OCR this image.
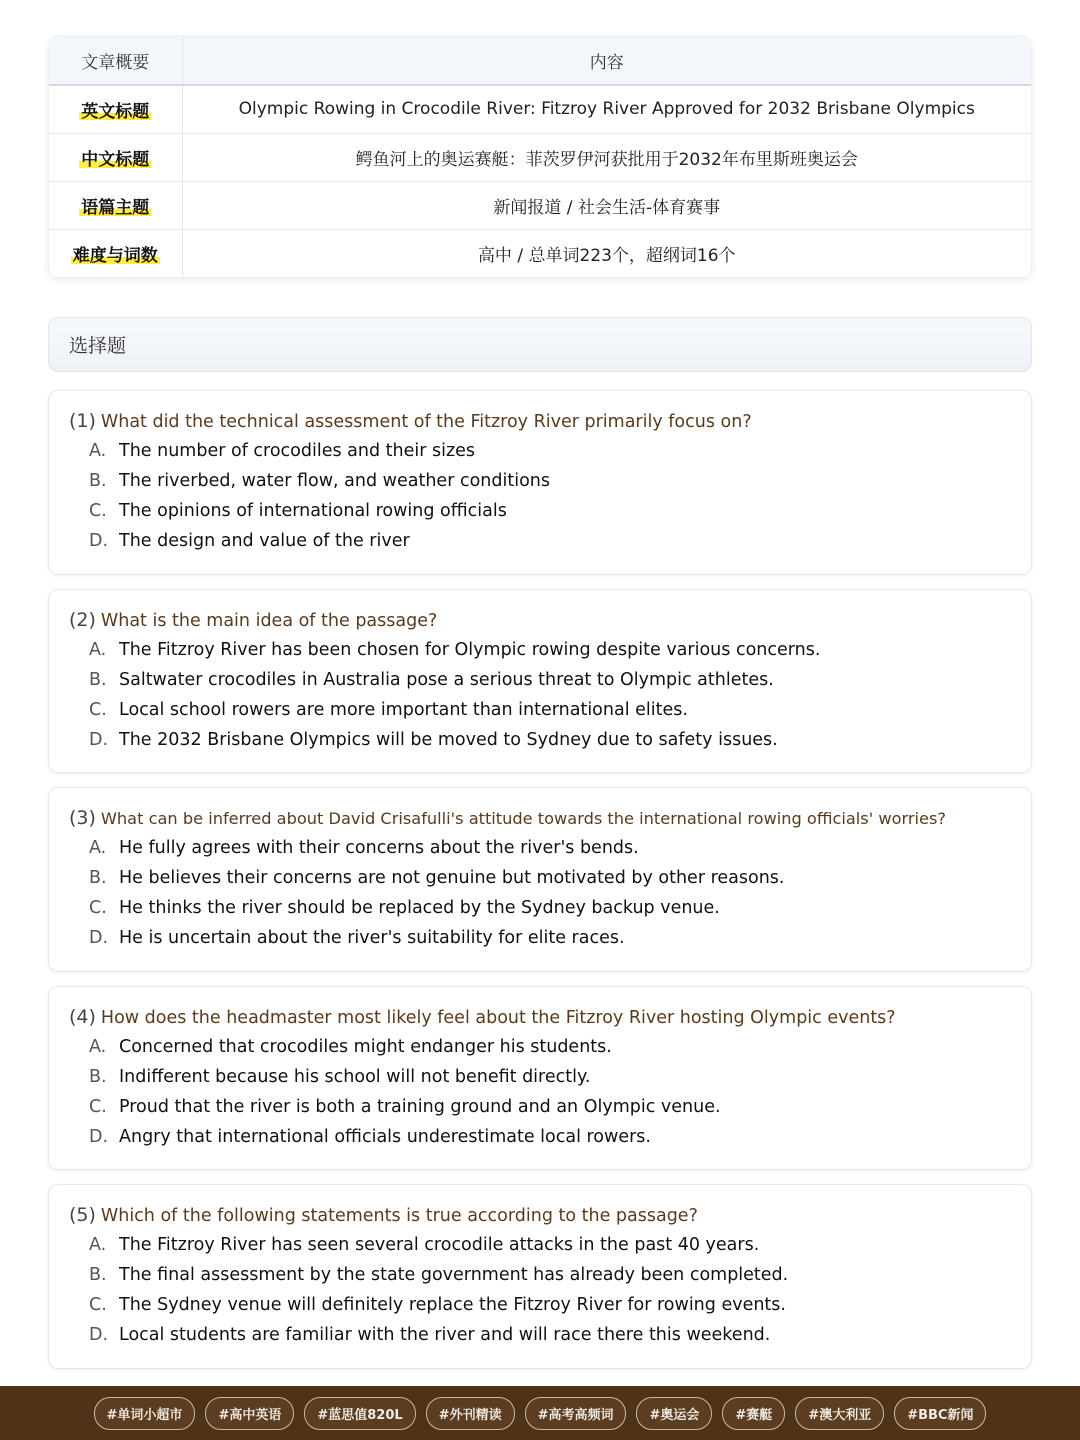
文章概要	内容
英文标题	Olympic Rowing in Crocodile River: Fitzroy River Approved for 2032 Brisbane Olympics
中文标题	鳄鱼河上的奥运赛艇：菲茨罗伊河获批用于2032年布里斯班奥运会
语篇主题	新闻报道 / 社会生活-体育赛事
难度与词数	高中 / 总单词223个，超纲词16个
选择题
(1) What did the technical assessment of the Fitzroy River primarily focus on?
A. The number of crocodiles and their sizes
B. The riverbed, water flow, and weather conditions
C. The opinions of international rowing officials
D. The design and value of the river
(2) What is the main idea of the passage?
A. The Fitzroy River has been chosen for Olympic rowing despite various concerns.
B. Saltwater crocodiles in Australia pose a serious threat to Olympic athletes.
C. Local school rowers are more important than international elites.
D. The 2032 Brisbane Olympics will be moved to Sydney due to safety issues.
(3) What can be inferred about David Crisafulli's attitude towards the international rowing officials' worries?
A. He fully agrees with their concerns about the river's bends.
B. He believes their concerns are not genuine but motivated by other reasons.
C. He thinks the river should be replaced by the Sydney backup venue.
D. He is uncertain about the river's suitability for elite races.
(4) How does the headmaster most likely feel about the Fitzroy River hosting Olympic events?
A. Concerned that crocodiles might endanger his students.
B. Indifferent because his school will not benefit directly.
C. Proud that the river is both a training ground and an Olympic venue.
D. Angry that international officials underestimate local rowers.
(5) Which of the following statements is true according to the passage?
A. The Fitzroy River has seen several crocodile attacks in the past 40 years.
B. The final assessment by the state government has already been completed.
C. The Sydney venue will definitely replace the Fitzroy River for rowing events.
D. Local students are familiar with the river and will race there this weekend.
#单词小超市	#高中英语	#蓝思值820L	#外刊精读	#高考高频词	#奥运会	#赛艇	#澳大利亚	#BBC新闻
